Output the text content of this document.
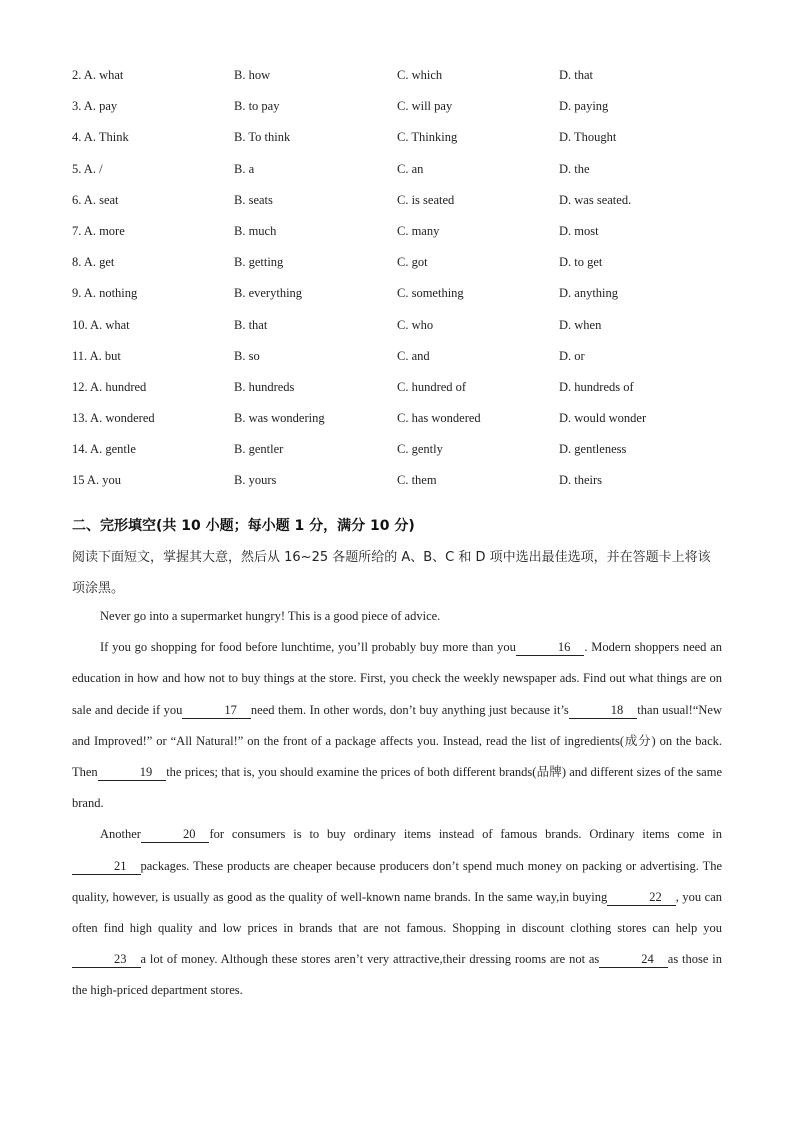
2. A. what	B. how	C. which	D. that
3. A. pay	B. to pay	C. will pay	D. paying
4. A. Think	B. To think	C. Thinking	D. Thought
5. A. /	B. a	C. an	D. the
6. A. seat	B. seats	C. is seated	D. was seated.
7. A. more	B. much	C. many	D. most
8. A. get	B. getting	C. got	D. to get
9. A. nothing	B. everything	C. something	D. anything
10. A. what	B. that	C. who	D. when
11. A. but	B. so	C. and	D. or
12. A. hundred	B. hundreds	C. hundred of	D. hundreds of
13. A. wondered	B. was wondering	C. has wondered	D. would wonder
14. A. gentle	B. gentler	C. gently	D. gentleness
15 A. you	B. yours	C. them	D. theirs
二、完形填空(共 10 小题；每小题 1 分，满分 10 分)
阅读下面短文，掌握其大意，然后从 16~25 各题所给的 A、B、C 和 D 项中选出最佳选项，并在答题卡上将该项涂黑。

Never go into a supermarket hungry! This is a good piece of advice.

If you go shopping for food before lunchtime, you’ll probably buy more than you	16 . Modern shoppers need an education in how and how not to buy things at the store. First, you check the weekly newspaper ads. Find out what things are on sale and decide if you	17 need them. In other words, don’t buy anything just because it’s	18 than usual!“New and Improved!” or “All Natural!” on the front of a package affects you. Instead, read the list of ingredients(成分) on the back. Then	19 the prices; that is, you should examine the prices of both different brands(品牌) and different sizes of the same brand.

Another	20 for consumers is to buy ordinary items instead of famous brands. Ordinary items come in21 packages. These products are cheaper because producers don’t spend much money on packing or advertising. The quality, however, is usually as good as the quality of well-known name brands. In the same way,in buying	22 , you can often find high quality and low prices in brands that are not famous. Shopping in discount clothing stores can help you23 a lot of money. Although these stores aren’t very attractive,their dressing rooms are not as	24 as those in the high-priced department stores.
